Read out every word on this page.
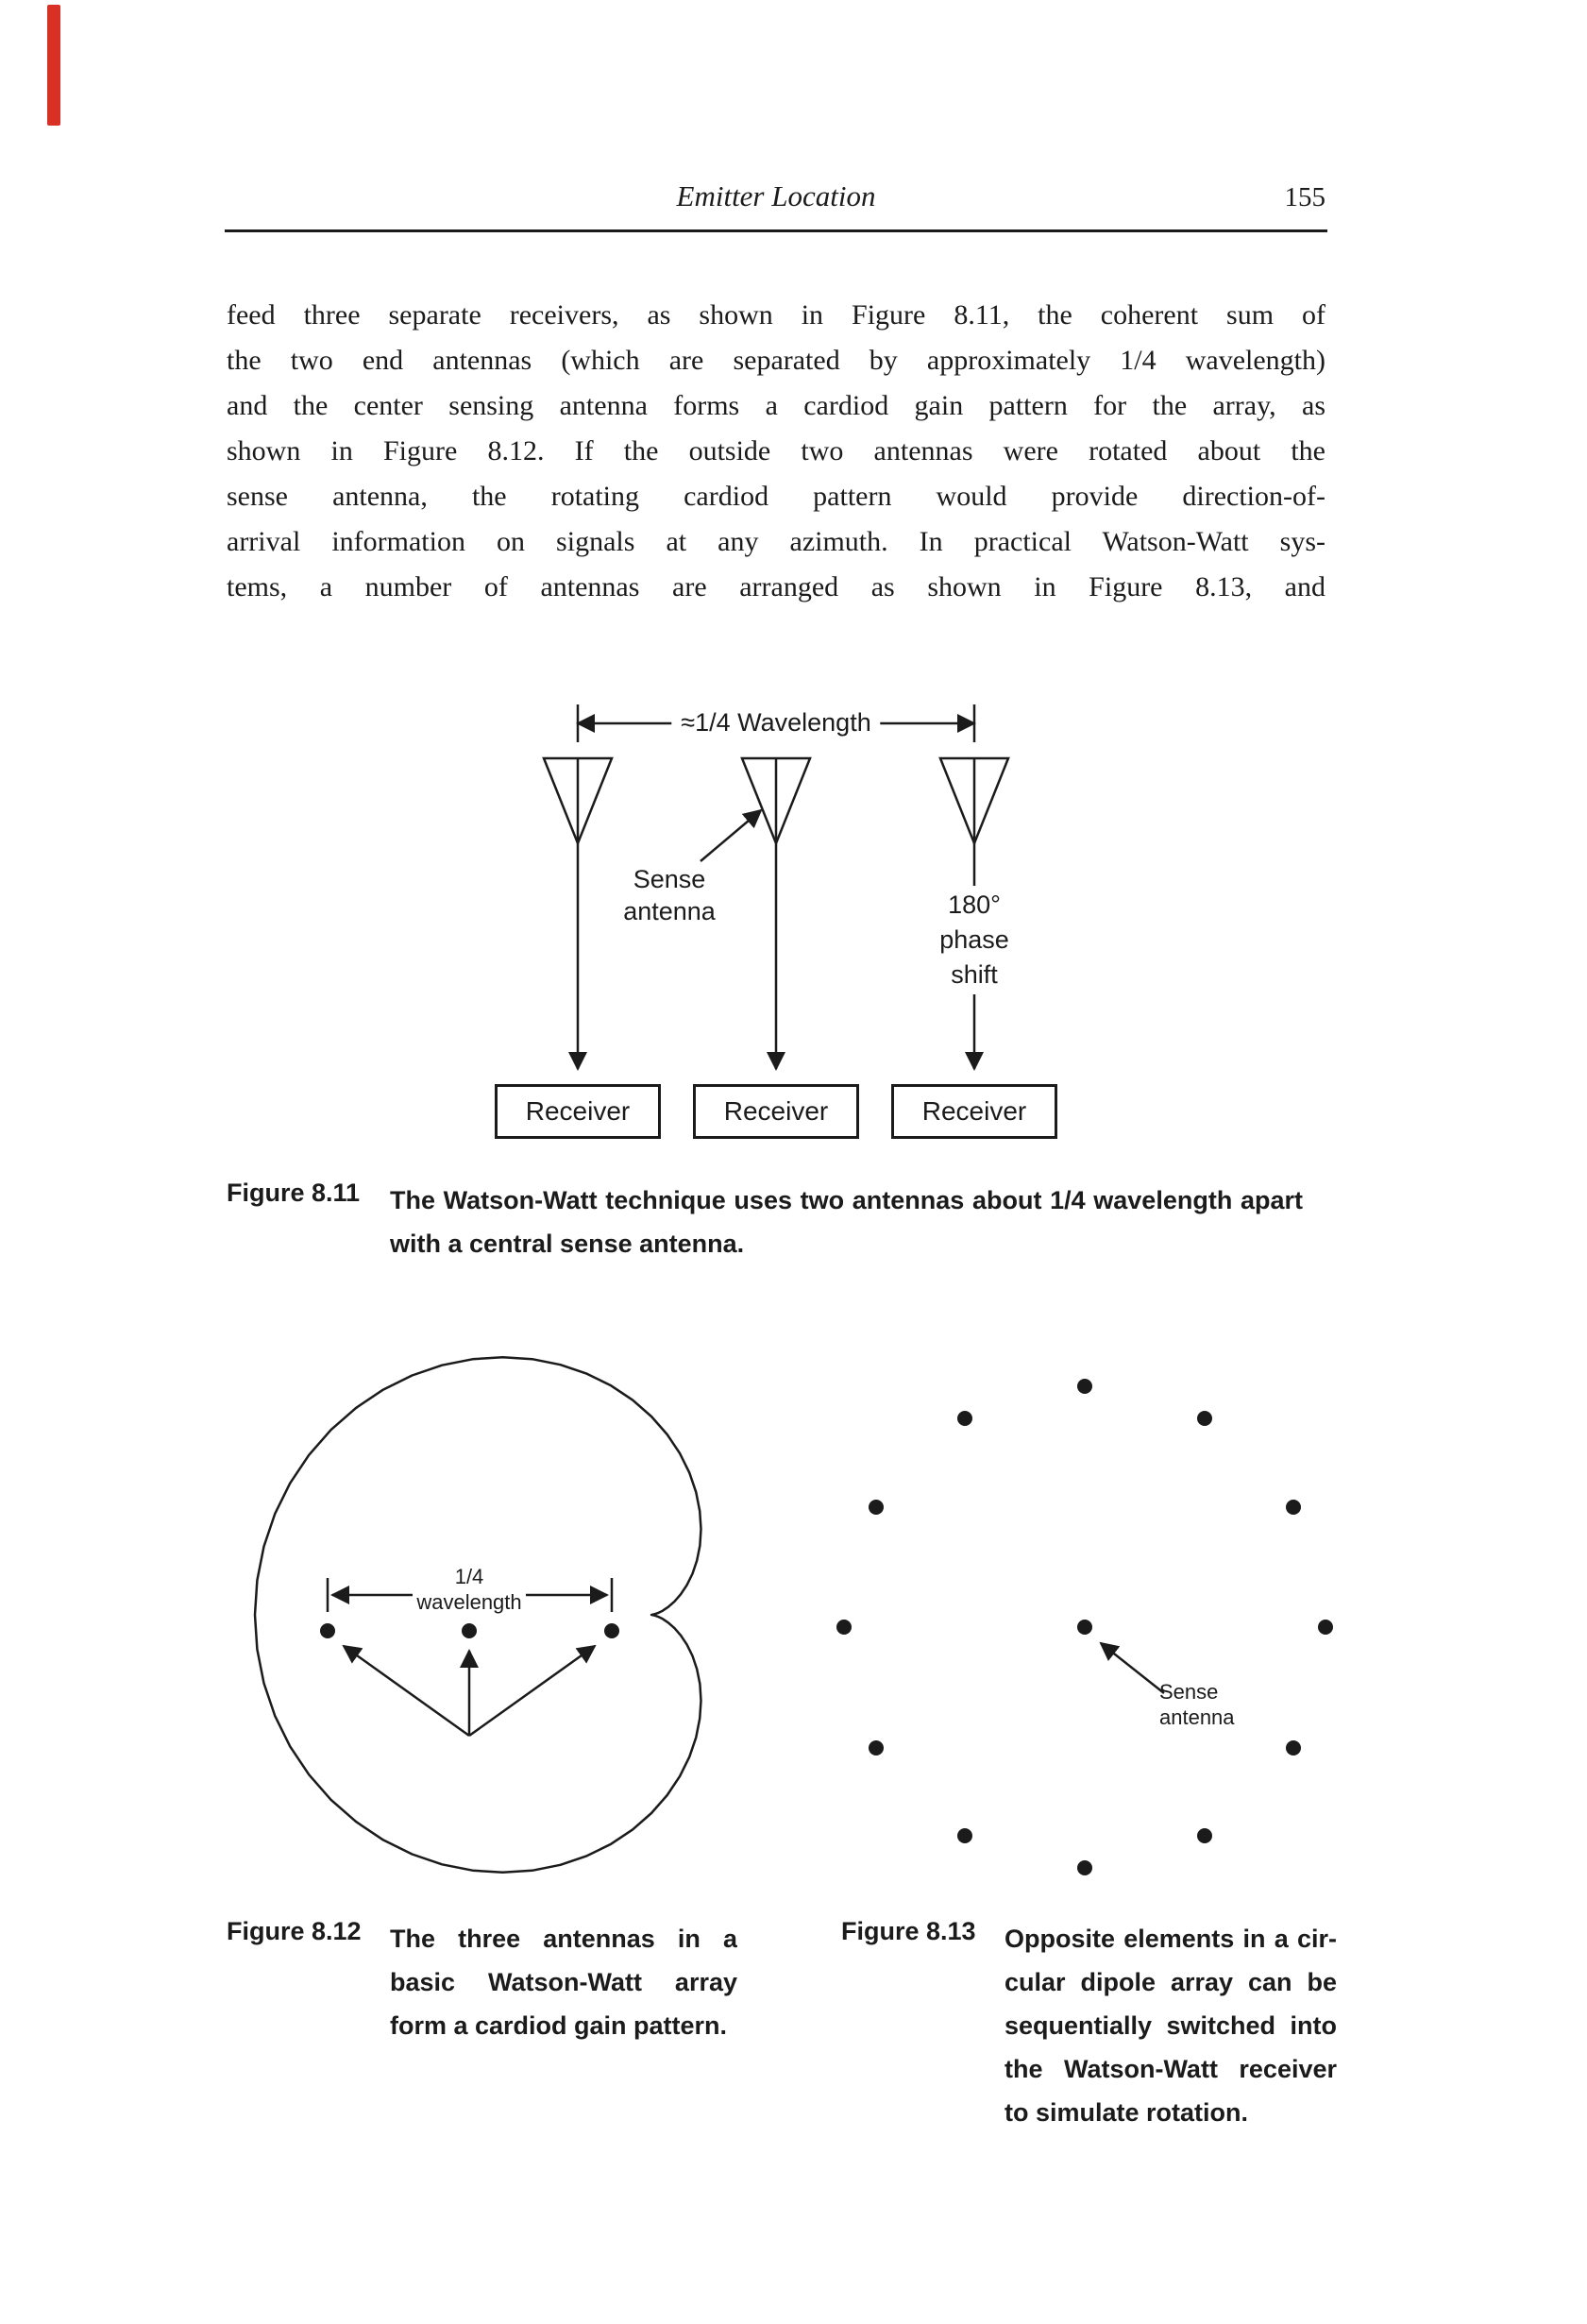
Emitter Location	155
feed three separate receivers, as shown in Figure 8.11, the coherent sum of
the two end antennas (which are separated by approximately 1/4 wavelength)
and the center sensing antenna forms a cardiod gain pattern for the array, as
shown in Figure 8.12. If the outside two antennas were rotated about the
sense antenna, the rotating cardiod pattern would provide direction-of-
arrival information on signals at any azimuth. In practical Watson-Watt sys-
tems, a number of antennas are arranged as shown in Figure 8.13, and
≈1/4 Wavelength
Sense
antenna	180°
phase
shift
Receiver	Receiver	Receiver
Figure 8.11 The Watson-Watt technique uses two antennas about 1/4 wavelength apart
with a central sense antenna.
1/4
wavelength
Figure 8.12 The three antennas in a
basic Watson-Watt array
form a cardiod gain pattern.
Sense
antenna
Figure 8.13 Opposite elements in a cir-
cular dipole array can be
sequentially switched into
the Watson-Watt receiver
to simulate rotation.
